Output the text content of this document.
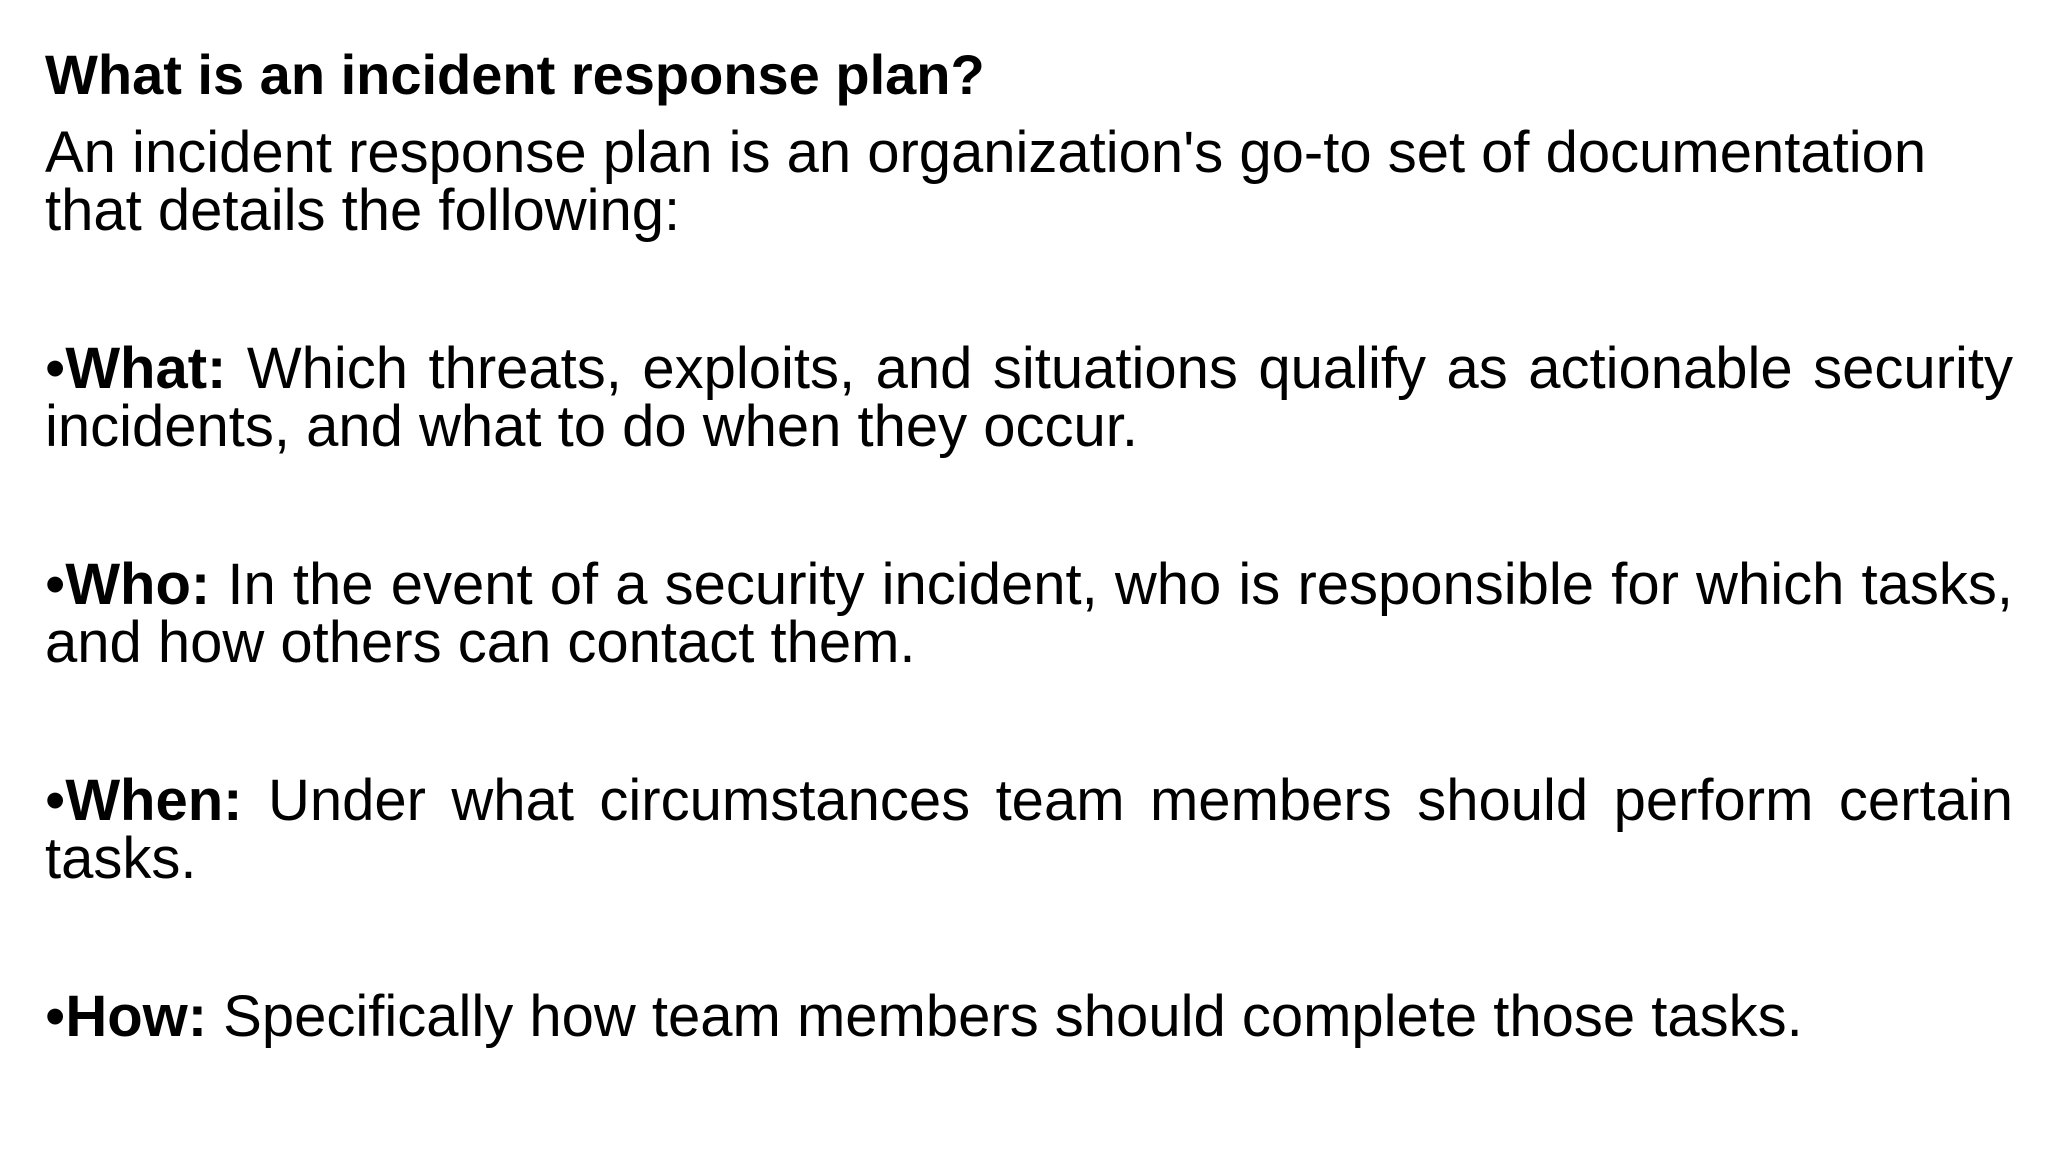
What is an incident response plan?

An incident response plan is an organization's go-to set of documentation that details the following:

•What: Which threats, exploits, and situations qualify as actionable security incidents, and what to do when they occur.

•Who: In the event of a security incident, who is responsible for which tasks, and how others can contact them.

•When: Under what circumstances team members should perform certain tasks.

•How: Specifically how team members should complete those tasks.
